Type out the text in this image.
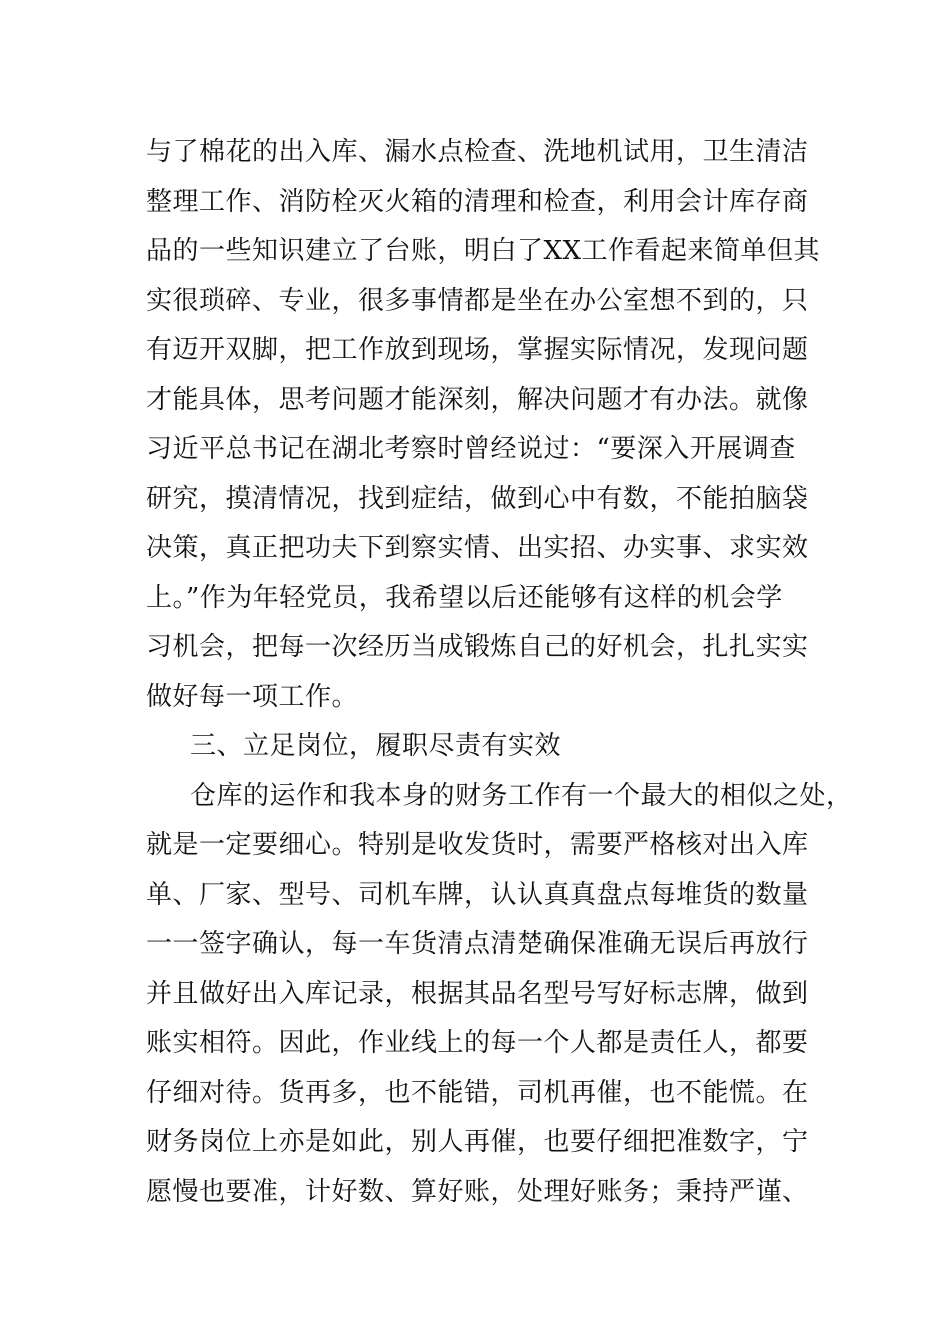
与了棉花的出入库、漏水点检查、洗地机试用，卫生清洁
整理工作、消防栓灭火箱的清理和检查，利用会计库存商
品的一些知识建立了台账，明白了XX工作看起来简单但其
实很琐碎、专业，很多事情都是坐在办公室想不到的，只
有迈开双脚，把工作放到现场，掌握实际情况，发现问题
才能具体，思考问题才能深刻，解决问题才有办法。就像
习近平总书记在湖北考察时曾经说过：“要深入开展调查
研究，摸清情况，找到症结，做到心中有数，不能拍脑袋
决策，真正把功夫下到察实情、出实招、办实事、求实效
上。”作为年轻党员，我希望以后还能够有这样的机会学
习机会，把每一次经历当成锻炼自己的好机会，扎扎实实
做好每一项工作。
三、立足岗位，履职尽责有实效
仓库的运作和我本身的财务工作有一个最大的相似之处，
就是一定要细心。特别是收发货时，需要严格核对出入库
单、厂家、型号、司机车牌，认认真真盘点每堆货的数量
一一签字确认，每一车货清点清楚确保准确无误后再放行
并且做好出入库记录，根据其品名型号写好标志牌，做到
账实相符。因此，作业线上的每一个人都是责任人，都要
仔细对待。货再多，也不能错，司机再催，也不能慌。在
财务岗位上亦是如此，别人再催，也要仔细把准数字，宁
愿慢也要准，计好数、算好账，处理好账务；秉持严谨、
